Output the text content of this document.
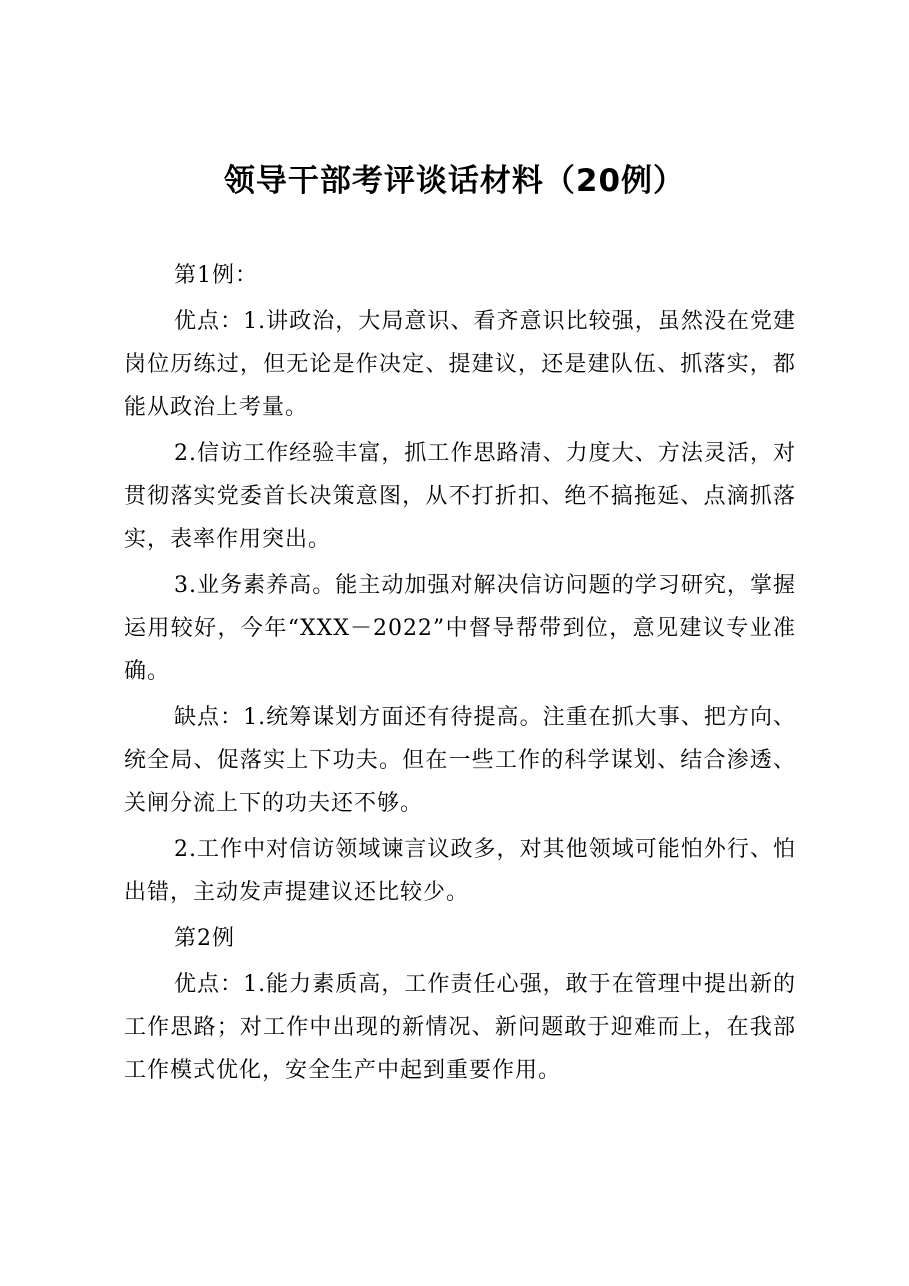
领导干部考评谈话材料（20例）

第1例：

优点：1.讲政治，大局意识、看齐意识比较强，虽然没在党建岗位历练过，但无论是作决定、提建议，还是建队伍、抓落实，都能从政治上考量。

2.信访工作经验丰富，抓工作思路清、力度大、方法灵活，对贯彻落实党委首长决策意图，从不打折扣、绝不搞拖延、点滴抓落实，表率作用突出。

3.业务素养高。能主动加强对解决信访问题的学习研究，掌握运用较好，今年“XXX－2022”中督导帮带到位，意见建议专业准确。

缺点：1.统筹谋划方面还有待提高。注重在抓大事、把方向、统全局、促落实上下功夫。但在一些工作的科学谋划、结合渗透、关闸分流上下的功夫还不够。

2.工作中对信访领域谏言议政多，对其他领域可能怕外行、怕出错，主动发声提建议还比较少。

第2例

优点：1.能力素质高，工作责任心强，敢于在管理中提出新的工作思路；对工作中出现的新情况、新问题敢于迎难而上，在我部工作模式优化，安全生产中起到重要作用。
